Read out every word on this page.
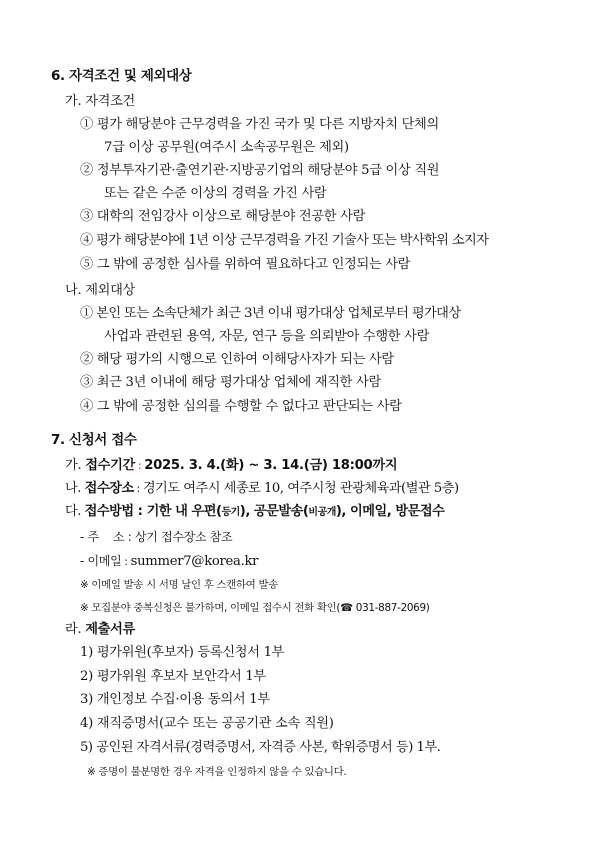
6. 자격조건 및 제외대상
가. 자격조건
① 평가 해당분야 근무경력을 가진 국가 및 다른 지방자치 단체의
7급 이상 공무원(여주시 소속공무원은 제외)
② 정부투자기관·출연기관·지방공기업의 해당분야 5급 이상 직원
또는 같은 수준 이상의 경력을 가진 사람
③ 대학의 전임강사 이상으로 해당분야 전공한 사람
④ 평가 해당분야에 1년 이상 근무경력을 가진 기술사 또는 박사학위 소지자
⑤ 그 밖에 공정한 심사를 위하여 필요하다고 인정되는 사람
나. 제외대상
① 본인 또는 소속단체가 최근 3년 이내 평가대상 업체로부터 평가대상
사업과 관련된 용역, 자문, 연구 등을 의뢰받아 수행한 사람
② 해당 평가의 시행으로 인하여 이해당사자가 되는 사람
③ 최근 3년 이내에 해당 평가대상 업체에 재직한 사람
④ 그 밖에 공정한 심의를 수행할 수 없다고 판단되는 사람
7. 신청서 접수
가. 접수기간 : 2025. 3. 4.(화) ~ 3. 14.(금) 18:00까지
나. 접수장소 : 경기도 여주시 세종로 10, 여주시청 관광체육과(별관 5층)
다. 접수방법 : 기한 내 우편(등기), 공문발송(비공개), 이메일, 방문접수
- 주    소 : 상기 접수장소 참조
- 이메일 : summer7@korea.kr
※ 이메일 발송 시 서명 날인 후 스캔하여 발송
※ 모집분야 중복신청은 불가하며, 이메일 접수시 전화 확인(☎ 031-887-2069)
라. 제출서류
1) 평가위원(후보자) 등록신청서 1부
2) 평가위원 후보자 보안각서 1부
3) 개인정보 수집·이용 동의서 1부
4) 재직증명서(교수 또는 공공기관 소속 직원)
5) 공인된 자격서류(경력증명서, 자격증 사본, 학위증명서 등) 1부.
※ 증명이 불분명한 경우 자격을 인정하지 않을 수 있습니다.
